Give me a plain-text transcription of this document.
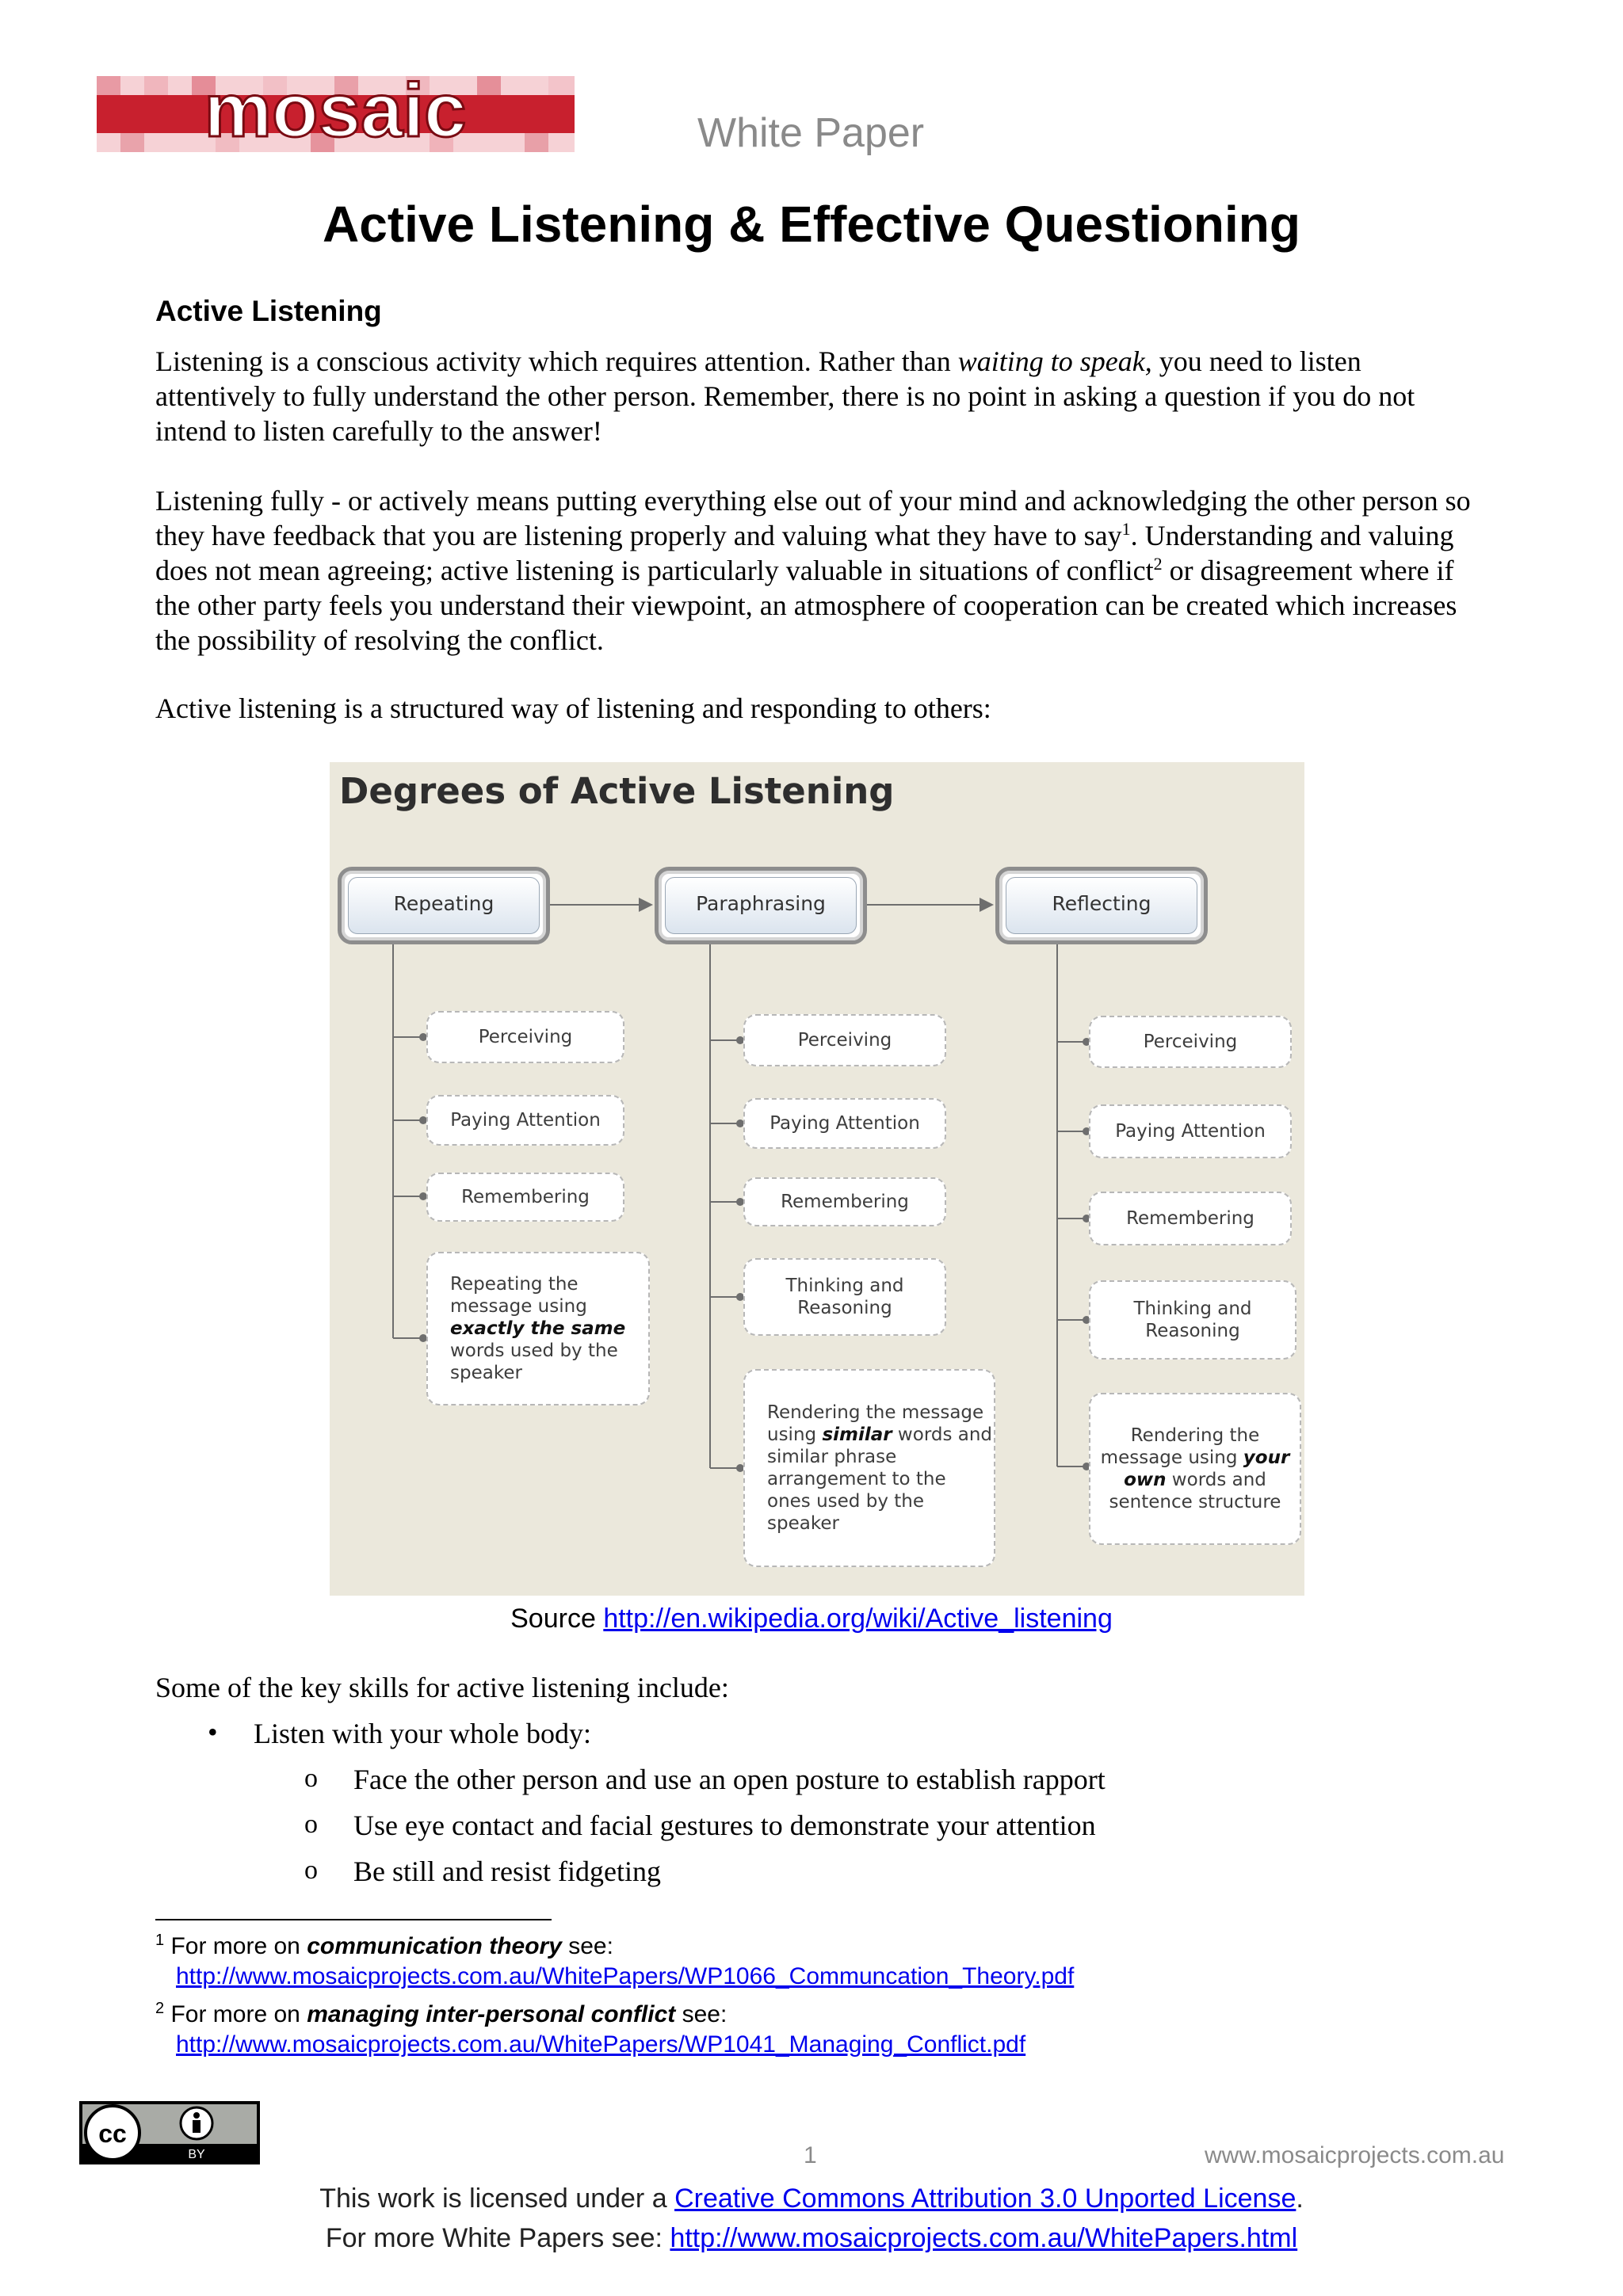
mosaic	White Paper
Active Listening & Effective Questioning
Active Listening
Listening is a conscious activity which requires attention. Rather than waiting to speak, you need to listen attentively to fully understand the other person. Remember, there is no point in asking a question if you do not intend to listen carefully to the answer!
Listening fully - or actively means putting everything else out of your mind and acknowledging the other person so they have feedback that you are listening properly and valuing what they have to say$^1$. Understanding and valuing does not mean agreeing; active listening is particularly valuable in situations of conflict$^2$ or disagreement where if the other party feels you understand their viewpoint, an atmosphere of cooperation can be created which increases the possibility of resolving the conflict.
Active listening is a structured way of listening and responding to others:
Degrees of Active Listening
Repeating	Paraphrasing	Reflecting
Perceiving
Paying Attention
Remembering
Repeating the message using exactly the same words used by the speaker
Perceiving
Paying Attention
Remembering
Thinking and Reasoning
Rendering the message using similar words and similar phrase arrangement to the ones used by the speaker
Perceiving
Paying Attention
Remembering
Thinking and Reasoning
Rendering the message using your own words and sentence structure
Source http://en.wikipedia.org/wiki/Active_listening
Some of the key skills for active listening include:
• Listen with your whole body:
o Face the other person and use an open posture to establish rapport
o Use eye contact and facial gestures to demonstrate your attention
o Be still and resist fidgeting
$^1$ For more on communication theory see:
http://www.mosaicprojects.com.au/WhitePapers/WP1066_Communcation_Theory.pdf
$^2$ For more on managing inter-personal conflict see:
http://www.mosaicprojects.com.au/WhitePapers/WP1041_Managing_Conflict.pdf
cc
BY	1	www.mosaicprojects.com.au
This work is licensed under a Creative Commons Attribution 3.0 Unported License.
For more White Papers see: http://www.mosaicprojects.com.au/WhitePapers.html
